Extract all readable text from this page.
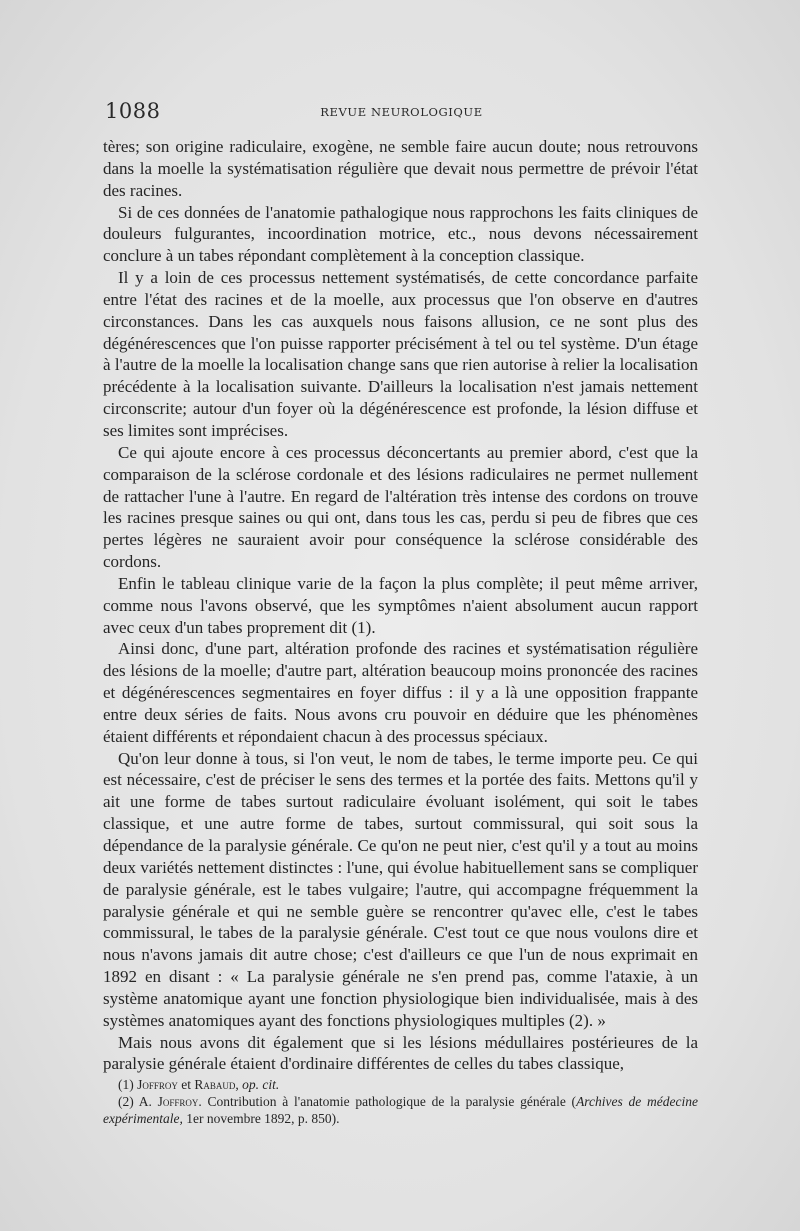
1088	REVUE NEUROLOGIQUE

tères; son origine radiculaire, exogène, ne semble faire aucun doute; nous retrouvons dans la moelle la systématisation régulière que devait nous permettre de prévoir l'état des racines.

Si de ces données de l'anatomie pathalogique nous rapprochons les faits cliniques de douleurs fulgurantes, incoordination motrice, etc., nous devons nécessairement conclure à un tabes répondant complètement à la conception classique.

Il y a loin de ces processus nettement systématisés, de cette concordance parfaite entre l'état des racines et de la moelle, aux processus que l'on observe en d'autres circonstances. Dans les cas auxquels nous faisons allusion, ce ne sont plus des dégénérescences que l'on puisse rapporter précisément à tel ou tel système. D'un étage à l'autre de la moelle la localisation change sans que rien autorise à relier la localisation précédente à la localisation suivante. D'ailleurs la localisation n'est jamais nettement circonscrite; autour d'un foyer où la dégénérescence est profonde, la lésion diffuse et ses limites sont imprécises.

Ce qui ajoute encore à ces processus déconcertants au premier abord, c'est que la comparaison de la sclérose cordonale et des lésions radiculaires ne permet nullement de rattacher l'une à l'autre. En regard de l'altération très intense des cordons on trouve les racines presque saines ou qui ont, dans tous les cas, perdu si peu de fibres que ces pertes légères ne sauraient avoir pour conséquence la sclérose considérable des cordons.

Enfin le tableau clinique varie de la façon la plus complète; il peut même arriver, comme nous l'avons observé, que les symptômes n'aient absolument aucun rapport avec ceux d'un tabes proprement dit (1).

Ainsi donc, d'une part, altération profonde des racines et systématisation régulière des lésions de la moelle; d'autre part, altération beaucoup moins prononcée des racines et dégénérescences segmentaires en foyer diffus : il y a là une opposition frappante entre deux séries de faits. Nous avons cru pouvoir en déduire que les phénomènes étaient différents et répondaient chacun à des processus spéciaux.

Qu'on leur donne à tous, si l'on veut, le nom de tabes, le terme importe peu. Ce qui est nécessaire, c'est de préciser le sens des termes et la portée des faits. Mettons qu'il y ait une forme de tabes surtout radiculaire évoluant isolément, qui soit le tabes classique, et une autre forme de tabes, surtout commissural, qui soit sous la dépendance de la paralysie générale. Ce qu'on ne peut nier, c'est qu'il y a tout au moins deux variétés nettement distinctes : l'une, qui évolue habituellement sans se compliquer de paralysie générale, est le tabes vulgaire; l'autre, qui accompagne fréquemment la paralysie générale et qui ne semble guère se rencontrer qu'avec elle, c'est le tabes commissural, le tabes de la paralysie générale. C'est tout ce que nous voulons dire et nous n'avons jamais dit autre chose; c'est d'ailleurs ce que l'un de nous exprimait en 1892 en disant : « La paralysie générale ne s'en prend pas, comme l'ataxie, à un système anatomique ayant une fonction physiologique bien individualisée, mais à des systèmes anatomiques ayant des fonctions physiologiques multiples (2). »

Mais nous avons dit également que si les lésions médullaires postérieures de la paralysie générale étaient d'ordinaire différentes de celles du tabes classique,

(1) Joffroy et Rabaud, op. cit.

(2) A. Joffroy. Contribution à l'anatomie pathologique de la paralysie générale (Archives de médecine expérimentale, 1er novembre 1892, p. 850).
